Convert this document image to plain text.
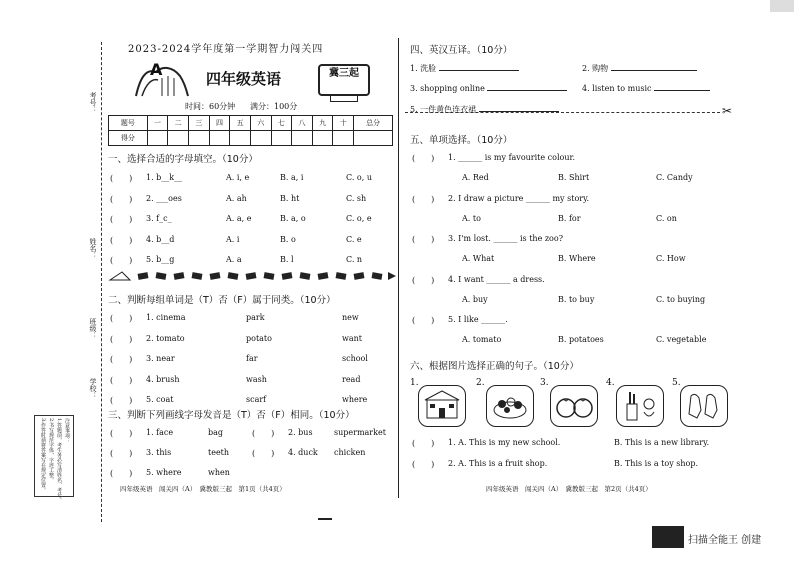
考号：
姓名：
班级：
学校：
注意事项：
1.答题前，考生务必写清姓名、考号。
2.书写规范字体，字迹工整。
3.作答时须将答案写在规定位置。
2023-2024学年度第一学期智力闯关四
A	四年级英语	冀三起
时间：60分钟 满分：100分
题号	一	二	三	四	五	六	七	八	九	十	总分
得分											
一、选择合适的字母填空。（10分）
(　　) 1. b__k__	A. i, e	B. a, i	C. o, u
(　　) 2. ___oes	A. ah	B. ht	C. sh
(　　) 3. f_c_	A. a, e	B. a, o	C. o, e
(　　) 4. b__d	A. i	B. o	C. e
(　　) 5. b__g	A. a	B. l	C. n
二、判断每组单词是（T）否（F）属于同类。（10分）
(　　) 1. cinema	park	new
(　　) 2. tomato	potato	want
(　　) 3. near	far	school
(　　) 4. brush	wash	read
(　　) 5. coat	scarf	where
三、判断下列画线字母发音是（T）否（F）相同。（10分）
(　　) 1. face	bag	(　　) 2. bus	supermarket
(　　) 3. this	teeth	(　　) 4. duck chicken
(　　) 5. where	when
四年级英语　闯关四（A）　冀教版三起　第1页（共4页）
四、英汉互译。（10分）
1. 洗脸	2. 购物
3. shopping online	4. listen to music
5. 一件黄色连衣裙	✂
五、单项选择。（10分）
(　　) 1. ______ is my favourite colour.
A. Red	B. Shirt	C. Candy
(　　) 2. I draw a picture ______ my story.
A. to	B. for	C. on
(　　) 3. I'm lost. ______ is the zoo?
A. What	B. Where	C. How
(　　) 4. I want ______ a dress.
A. buy	B. to buy	C. to buying
(　　) 5. I like ______.
A. tomato	B. potatoes	C. vegetable
六、根据图片选择正确的句子。（10分）
1.	2.	3.	4.	5.
(　　) 1. A. This is my new school.	B. This is a new library.
(　　) 2. A. This is a fruit shop.	B. This is a toy shop.
四年级英语　闯关四（A）　冀教版三起　第2页（共4页）
扫描全能王 创建
